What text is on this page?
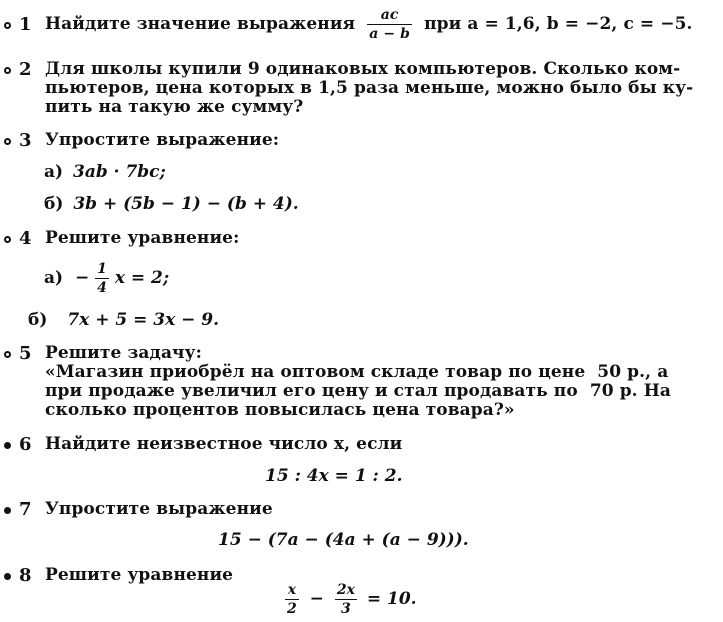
1 Найдите значение выражения $\frac{ac}{a - b}$ при a = 1,6, b = −2, c = −5.
2 Для школы купили 9 одинаковых компьютеров. Сколько ком-
пьютеров, цена которых в 1,5 раза меньше, можно было бы ку-
пить на такую же сумму?
3 Упростите выражение:
а) 3ab · 7bc;
б) 3b + (5b − 1) − (b + 4).
4 Решите уравнение:
$а) - \frac{1}{4}$ x = 2;
б) 7x + 5 = 3x − 9.
5 Решите задачу:
«Магазин приобрёл на оптовом складе товар по цене  50 р., а
при продаже увеличил его цену и стал продавать по  70 р. На
сколько процентов повысилась цена товара?»
6 Найдите неизвестное число x, если
15 : 4x = 1 : 2.
7 Упростите выражение
15 − (7a − (4a + (a − 9))).
8 Решите уравнение
$\frac{x}{2} - \frac{2x}{3} = 10$.
